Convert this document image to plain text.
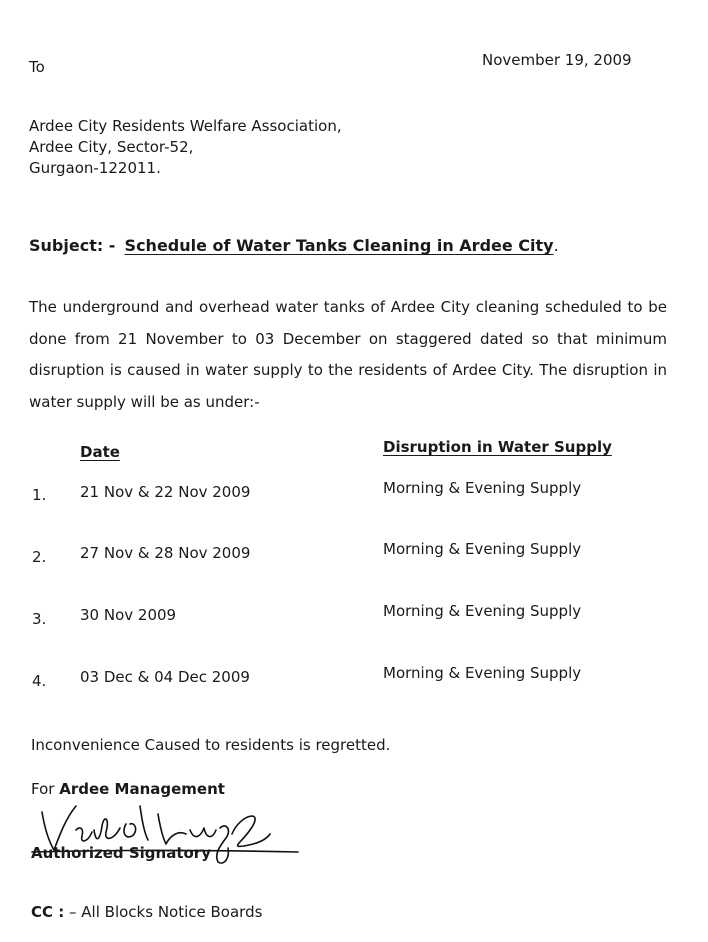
To	November 19, 2009
Ardee City Residents Welfare Association,
Ardee City, Sector-52,
Gurgaon-122011.
Subject: - Schedule of Water Tanks Cleaning in Ardee City.
The underground and overhead water tanks of Ardee City cleaning scheduled to be done from 21 November to 03 December on staggered dated so that minimum disruption is caused in water supply to the residents of Ardee City. The disruption in water supply will be as under:-
Date	Disruption in Water Supply
1. 21 Nov & 22 Nov 2009	Morning & Evening Supply
2. 27 Nov & 28 Nov 2009	Morning & Evening Supply
3. 30 Nov 2009	Morning & Evening Supply
4. 03 Dec & 04 Dec 2009	Morning & Evening Supply
Inconvenience Caused to residents is regretted.
For Ardee Management
Authorized Signatory
CC : – All Blocks Notice Boards
